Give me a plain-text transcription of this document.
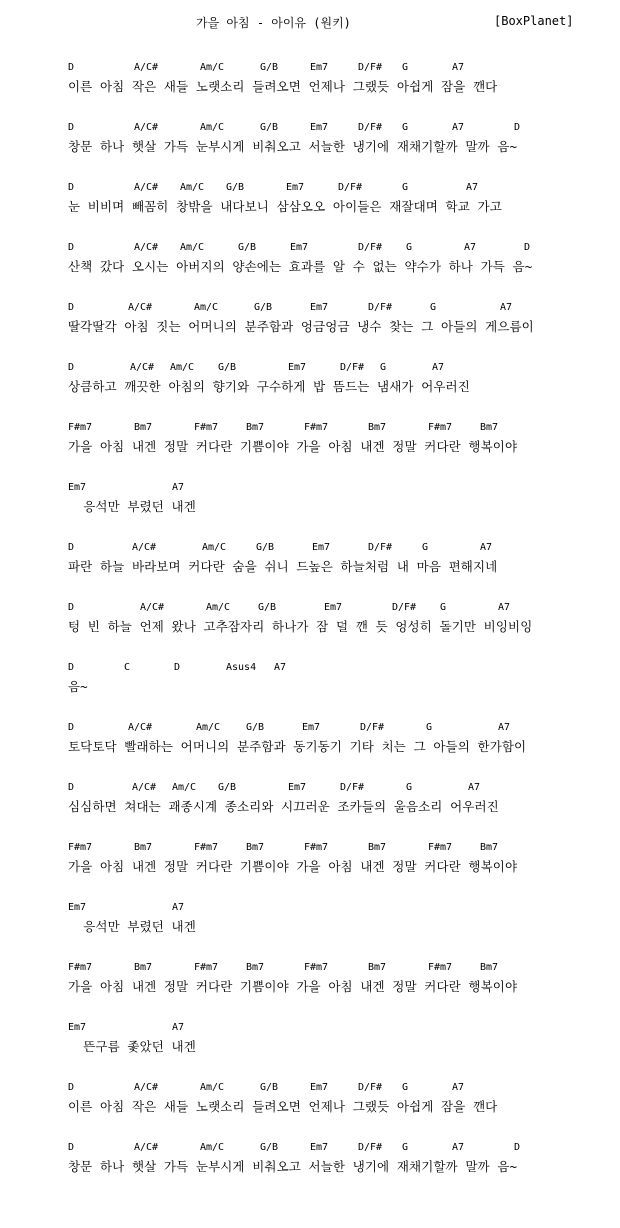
가을 아침 - 아이유 (원키)	[BoxPlanet]
D	A/C#	Am/C	G/B	Em7	D/F# G	A7
이른 아침 작은 새들 노랫소리 들려오면 언제나 그랬듯 아쉽게 잠을 깬다
D	A/C#	Am/C	G/B	Em7	D/F# G	A7	D
창문 하나 햇살 가득 눈부시게 비춰오고 서늘한 냉기에 재채기할까 말까 음~
D	A/C# Am/C G/B	Em7	D/F#	G	A7
눈 비비며 빼꼼히 창밖을 내다보니 삼삼오오 아이들은 재잘대며 학교 가고
D	A/C# Am/C	G/B	Em7	D/F# G	A7	D
산책 갔다 오시는 아버지의 양손에는 효과를 알 수 없는 약수가 하나 가득 음~
D	A/C#	Am/C	G/B	Em7	D/F#	G	A7
딸각딸각 아침 짓는 어머니의 분주함과 엉금엉금 냉수 찾는 그 아들의 게으름이
D	A/C# Am/C G/B	Em7	D/F# G	A7
상큼하고 깨끗한 아침의 향기와 구수하게 밥 뜸드는 냄새가 어우러진
F#m7	Bm7	F#m7	Bm7	F#m7	Bm7	F#m7	Bm7
가을 아침 내겐 정말 커다란 기쁨이야 가을 아침 내겐 정말 커다란 행복이야
Em7	A7
응석만 부렸던 내겐
D	A/C#	Am/C	G/B	Em7	D/F#	G	A7
파란 하늘 바라보며 커다란 숨을 쉬니 드높은 하늘처럼 내 마음 편해지네
D	A/C#	Am/C	G/B	Em7	D/F# G	A7
텅 빈 하늘 언제 왔나 고추잠자리 하나가 잠 덜 깬 듯 엉성히 돌기만 비잉비잉
D	C	D	Asus4 A7
음~
D	A/C#	Am/C	G/B	Em7	D/F#	G	A7
토닥토닥 빨래하는 어머니의 분주함과 동기동기 기타 치는 그 아들의 한가함이
D	A/C# Am/C G/B	Em7	D/F#	G	A7
심심하면 쳐대는 괘종시계 종소리와 시끄러운 조카들의 울음소리 어우러진
F#m7	Bm7	F#m7	Bm7	F#m7	Bm7	F#m7	Bm7
가을 아침 내겐 정말 커다란 기쁨이야 가을 아침 내겐 정말 커다란 행복이야
Em7	A7
응석만 부렸던 내겐
F#m7	Bm7	F#m7	Bm7	F#m7	Bm7	F#m7	Bm7
가을 아침 내겐 정말 커다란 기쁨이야 가을 아침 내겐 정말 커다란 행복이야
Em7	A7
뜬구름 좇았던 내겐
D	A/C#	Am/C	G/B	Em7	D/F# G	A7
이른 아침 작은 새들 노랫소리 들려오면 언제나 그랬듯 아쉽게 잠을 깬다
D	A/C#	Am/C	G/B	Em7	D/F# G	A7	D
창문 하나 햇살 가득 눈부시게 비춰오고 서늘한 냉기에 재채기할까 말까 음~
